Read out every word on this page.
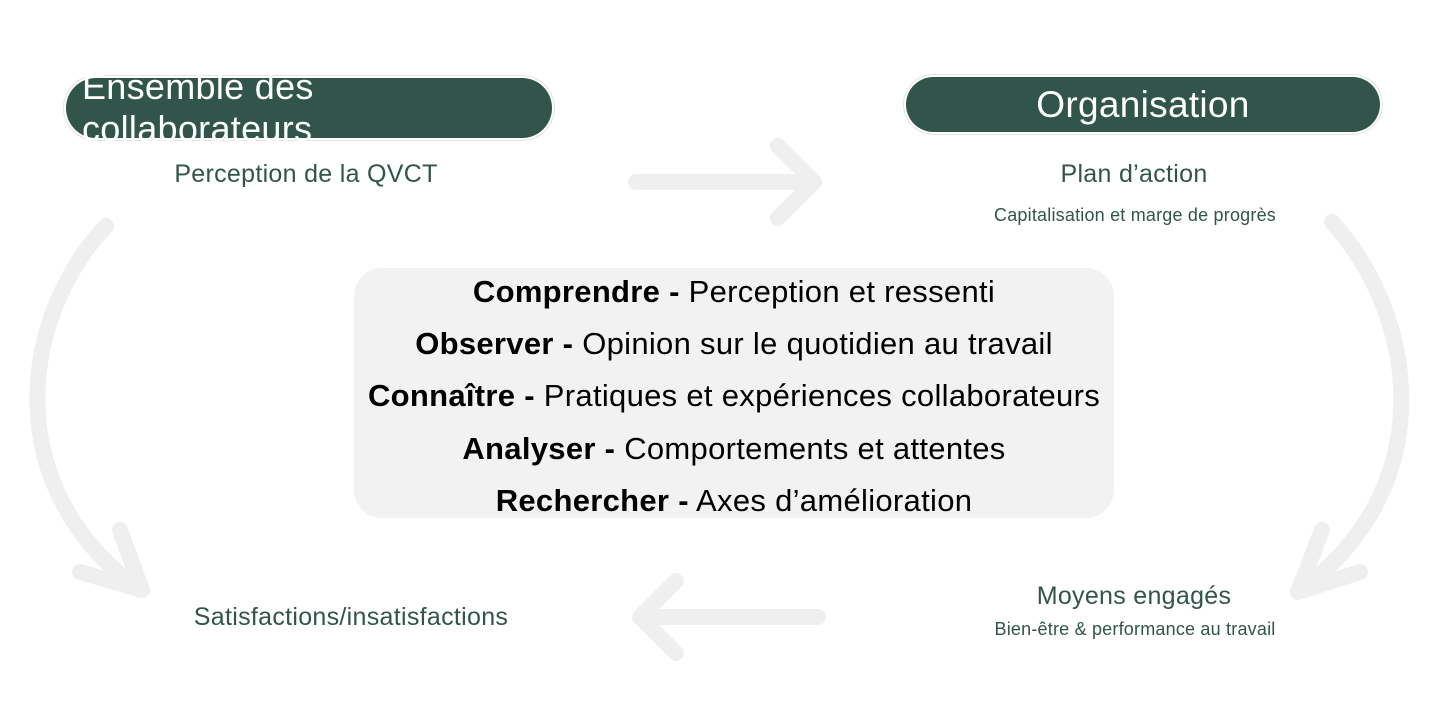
Ensemble des collaborateurs
Perception de la QVCT
Organisation
Plan d’action
Capitalisation et marge de progrès
Comprendre - Perception et ressenti
Observer - Opinion sur le quotidien au travail
Connaître - Pratiques et expériences collaborateurs
Analyser - Comportements et attentes
Rechercher - Axes d’amélioration
Satisfactions/insatisfactions
Moyens engagés
Bien-être & performance au travail
